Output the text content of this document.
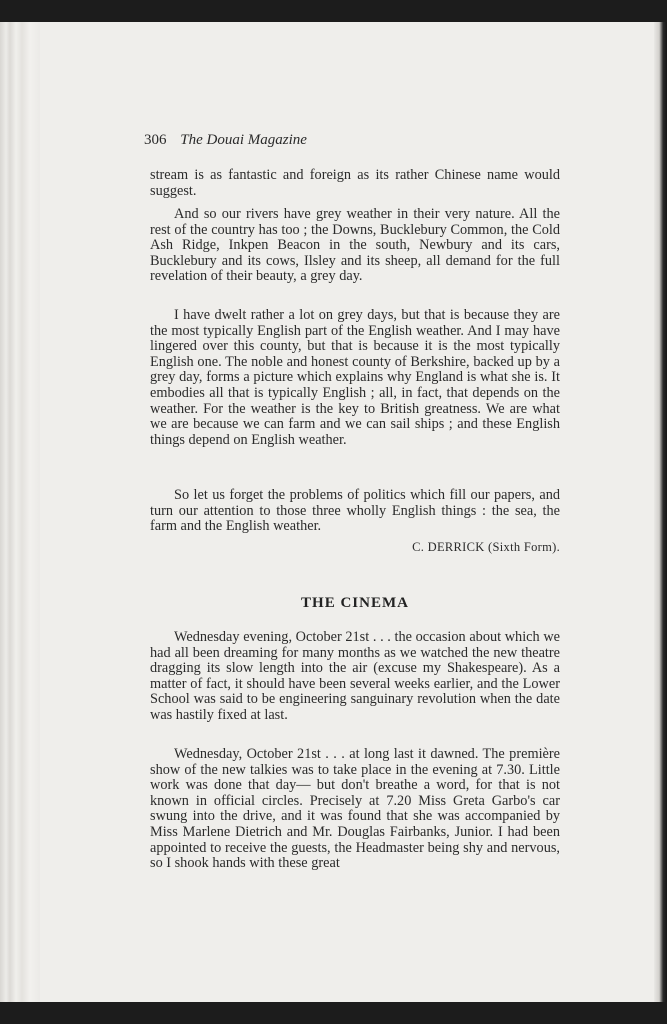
306 The Douai Magazine

stream is as fantastic and foreign as its rather Chinese name would suggest.

And so our rivers have grey weather in their very nature. All the rest of the country has too ; the Downs, Bucklebury Common, the Cold Ash Ridge, Inkpen Beacon in the south, Newbury and its cars, Bucklebury and its cows, Ilsley and its sheep, all demand for the full revelation of their beauty, a grey day.

I have dwelt rather a lot on grey days, but that is because they are the most typically English part of the English weather. And I may have lingered over this county, but that is because it is the most typically English one. The noble and honest county of Berkshire, backed up by a grey day, forms a picture which explains why England is what she is. It embodies all that is typically English ; all, in fact, that depends on the weather. For the weather is the key to British greatness. We are what we are because we can farm and we can sail ships ; and these English things depend on English weather.

So let us forget the problems of politics which fill our papers, and turn our attention to those three wholly English things : the sea, the farm and the English weather.

C. DERRICK (Sixth Form).
THE CINEMA

Wednesday evening, October 21st . . . the occasion about which we had all been dreaming for many months as we watched the new theatre dragging its slow length into the air (excuse my Shakespeare). As a matter of fact, it should have been several weeks earlier, and the Lower School was said to be engineering sanguinary revolution when the date was hastily fixed at last.

Wednesday, October 21st . . . at long last it dawned. The première show of the new talkies was to take place in the evening at 7.30. Little work was done that day— but don't breathe a word, for that is not known in official circles. Precisely at 7.20 Miss Greta Garbo's car swung into the drive, and it was found that she was accompanied by Miss Marlene Dietrich and Mr. Douglas Fairbanks, Junior. I had been appointed to receive the guests, the Headmaster being shy and nervous, so I shook hands with these great
